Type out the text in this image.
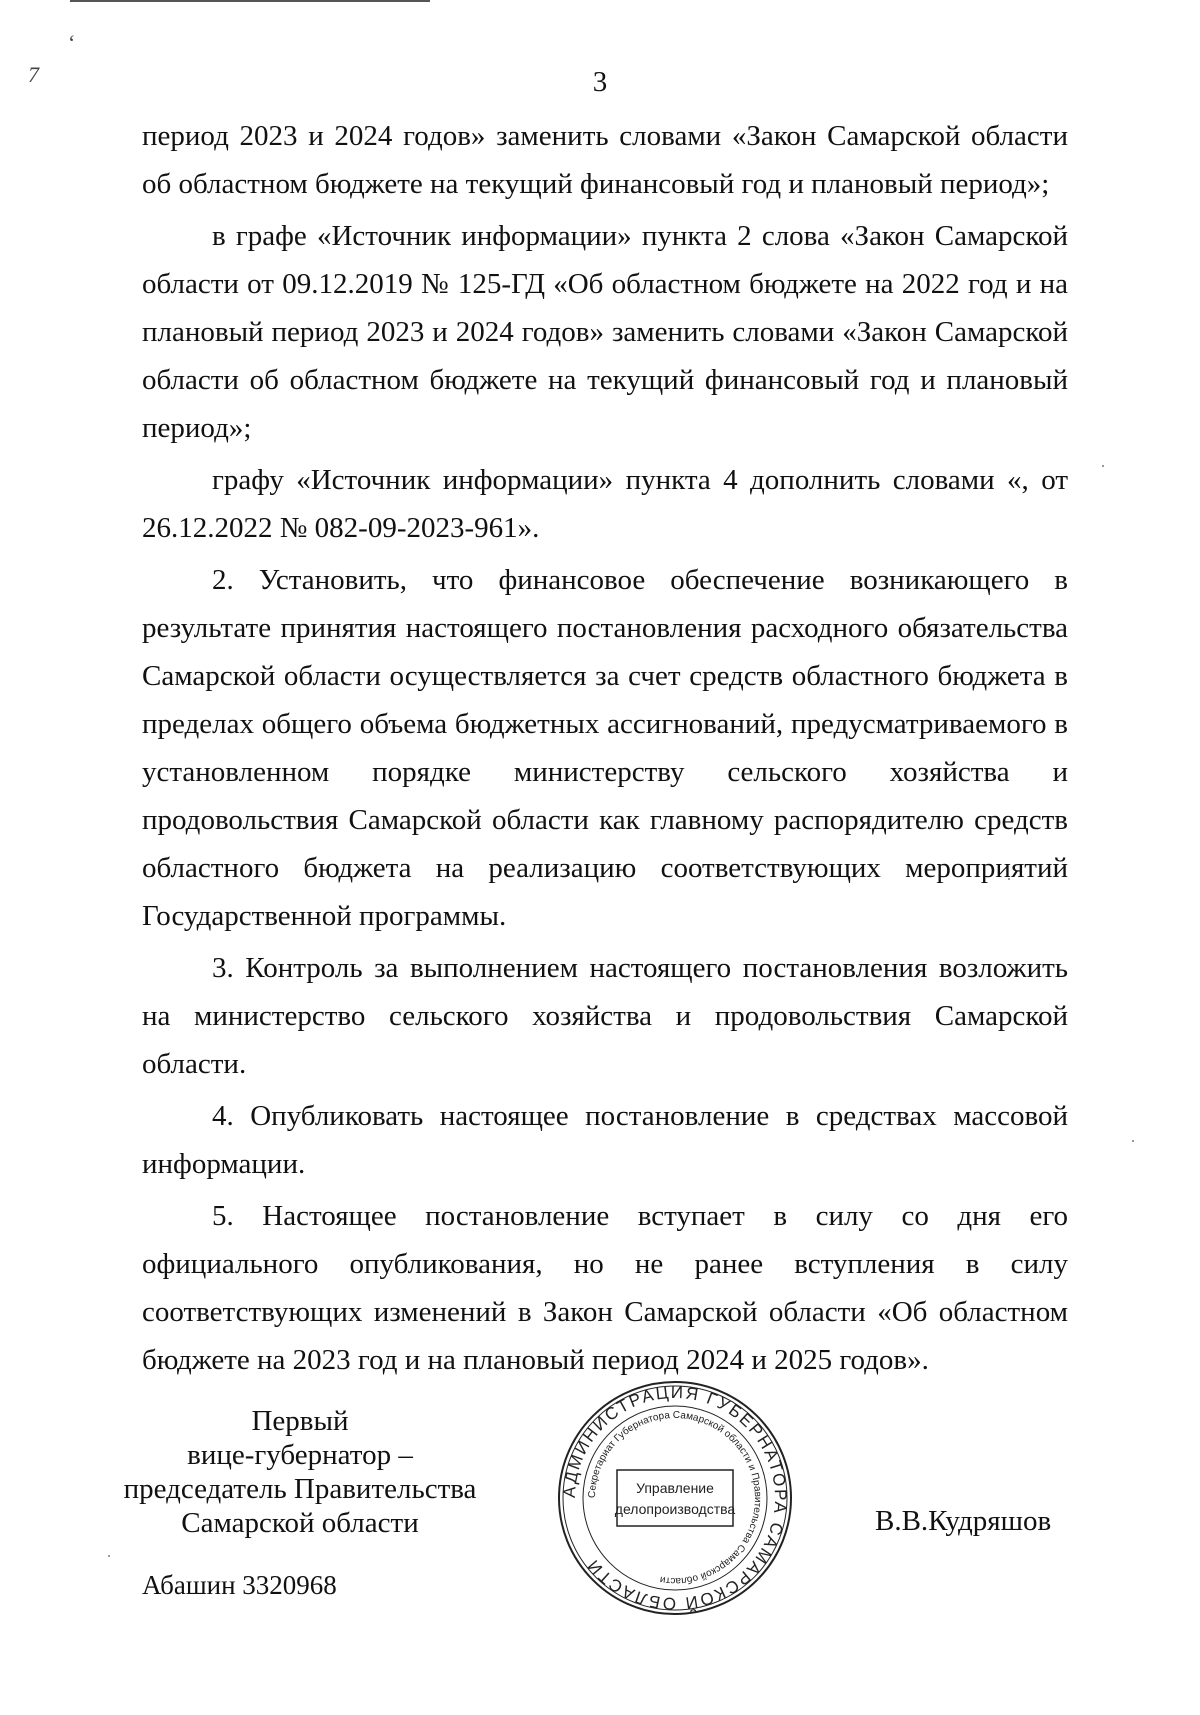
‘
7	3

период 2023 и 2024 годов» заменить словами «Закон Самарской области об областном бюджете на текущий финансовый год и плановый период»;

в графе «Источник информации» пункта 2 слова «Закон Самарской области от 09.12.2019 № 125-ГД «Об областном бюджете на 2022 год и на плановый период 2023 и 2024 годов» заменить словами «Закон Самарской области об областном бюджете на текущий финансовый год и плановый период»;

графу «Источник информации» пункта 4 дополнить словами «, от 26.12.2022 № 082-09-2023-961».

2. Установить, что финансовое обеспечение возникающего в результате принятия настоящего постановления расходного обязательства Самарской области осуществляется за счет средств областного бюджета в пределах общего объема бюджетных ассигнований, предусматриваемого в установленном порядке министерству сельского хозяйства и продовольствия Самарской области как главному распорядителю средств областного бюджета на реализацию соответствующих мероприятий Государственной программы.

3. Контроль за выполнением настоящего постановления возложить на министерство сельского хозяйства и продовольствия Самарской области.

4. Опубликовать настоящее постановление в средствах массовой информации.

5. Настоящее постановление вступает в силу со дня его официального опубликования, но не ранее вступления в силу соответствующих изменений в Закон Самарской области «Об областном бюджете на 2023 год и на плановый период 2024 и 2025 годов».

Первый
вице-губернатор –
председатель Правительства
Самарской области
АДМИНИСТРАЦИЯ ГУБЕРНАТОРА САМАРСКОЙ ОБЛАСТИ
Секретариат Губернатора Самарской области и Правительства Самарской области
Управление
делопроизводства	В.В.Кудряшов
Абашин 3320968
